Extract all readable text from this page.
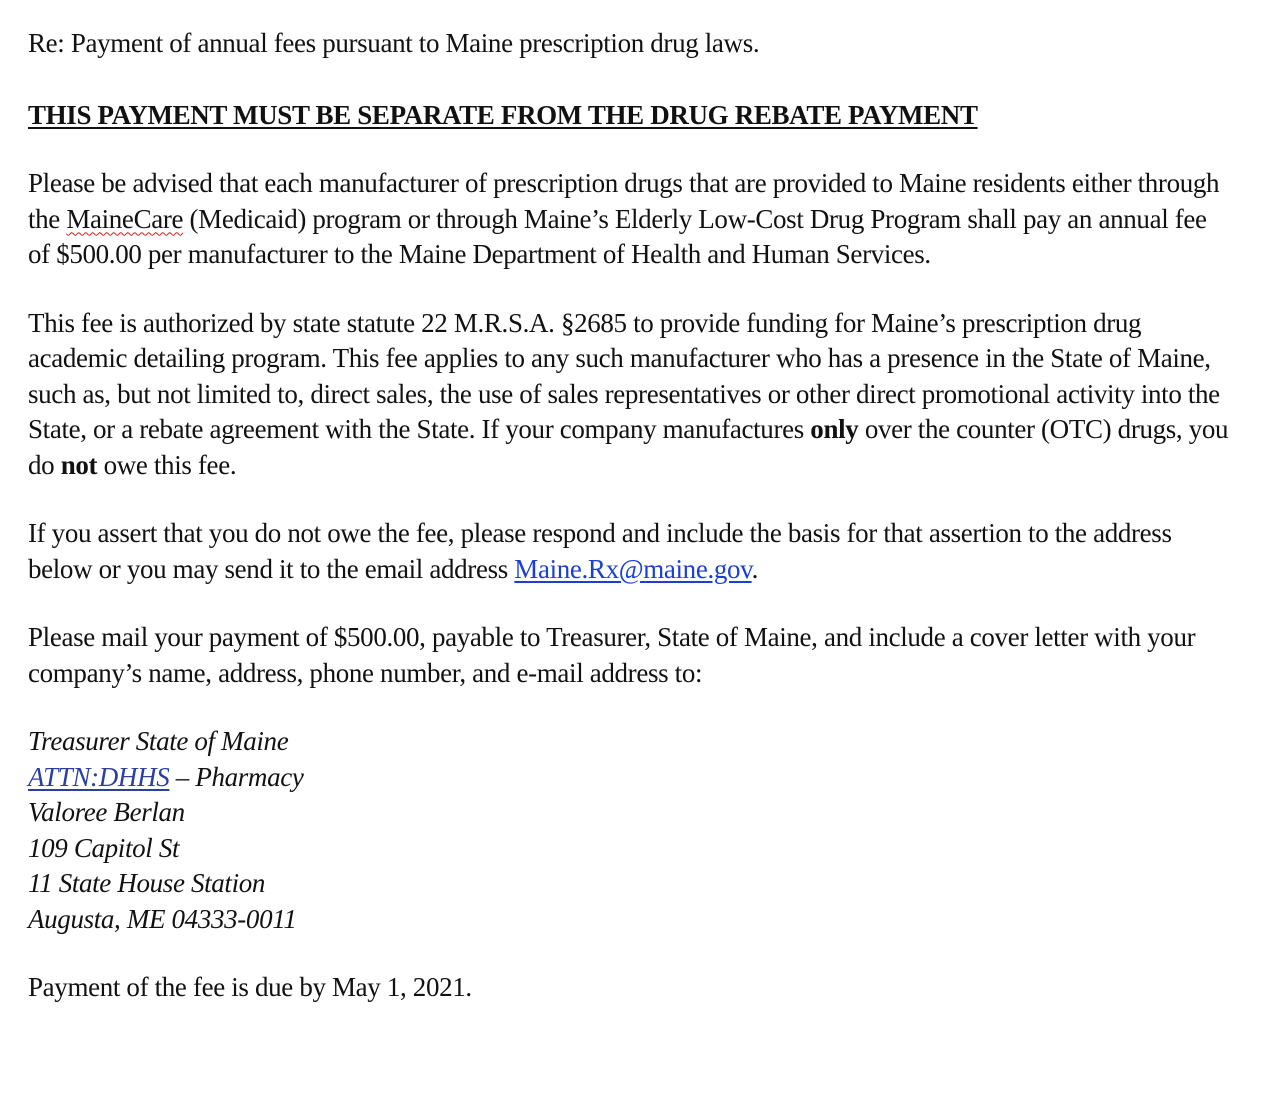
Re: Payment of annual fees pursuant to Maine prescription drug laws.

THIS PAYMENT MUST BE SEPARATE FROM THE DRUG REBATE PAYMENT

Please be advised that each manufacturer of prescription drugs that are provided to Maine residents either through the MaineCare (Medicaid) program or through Maine’s Elderly Low-Cost Drug Program shall pay an annual fee of $500.00 per manufacturer to the Maine Department of Health and Human Services.

This fee is authorized by state statute 22 M.R.S.A. §2685 to provide funding for Maine’s prescription drug academic detailing program. This fee applies to any such manufacturer who has a presence in the State of Maine, such as, but not limited to, direct sales, the use of sales representatives or other direct promotional activity into the State, or a rebate agreement with the State. If your company manufactures only over the counter (OTC) drugs, you do not owe this fee.

If you assert that you do not owe the fee, please respond and include the basis for that assertion to the address below or you may send it to the email address Maine.Rx@maine.gov.

Please mail your payment of $500.00, payable to Treasurer, State of Maine, and include a cover letter with your company’s name, address, phone number, and e-mail address to:

Treasurer State of Maine
ATTN:DHHS – Pharmacy
Valoree Berlan
109 Capitol St
11 State House Station
Augusta, ME 04333-0011

Payment of the fee is due by May 1, 2021.
